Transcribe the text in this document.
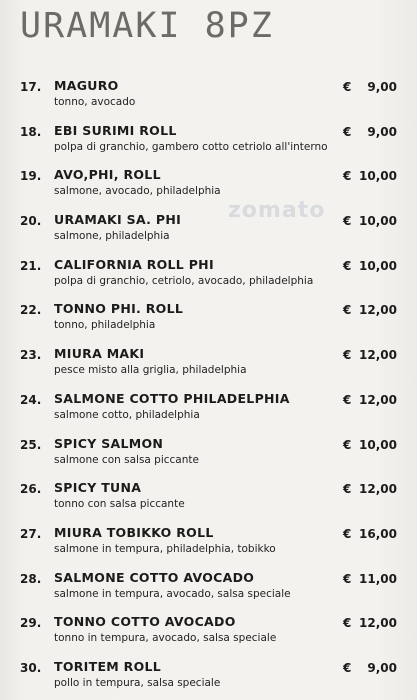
URAMAKI 8PZ
zomato
17. MAGURO
tonno, avocado
€ 9,00
18. EBI SURIMI ROLL
polpa di granchio, gambero cotto cetriolo all'interno
€ 9,00
19. AVO,PHI, ROLL
salmone, avocado, philadelphia
€ 10,00
20. URAMAKI SA. PHI
salmone, philadelphia
€ 10,00
21. CALIFORNIA ROLL PHI
polpa di granchio, cetriolo, avocado, philadelphia
€ 10,00
22. TONNO PHI. ROLL
tonno, philadelphia
€ 12,00
23. MIURA MAKI
pesce misto alla griglia, philadelphia
€ 12,00
24. SALMONE COTTO PHILADELPHIA
salmone cotto, philadelphia
€ 12,00
25. SPICY SALMON
salmone con salsa piccante
€ 10,00
26. SPICY TUNA
tonno con salsa piccante
€ 12,00
27. MIURA TOBIKKO ROLL
salmone in tempura, philadelphia, tobikko
€ 16,00
28. SALMONE COTTO AVOCADO
salmone in tempura, avocado, salsa speciale
€ 11,00
29. TONNO COTTO AVOCADO
tonno in tempura, avocado, salsa speciale
€ 12,00
30. TORITEM ROLL
pollo in tempura, salsa speciale
€ 9,00
